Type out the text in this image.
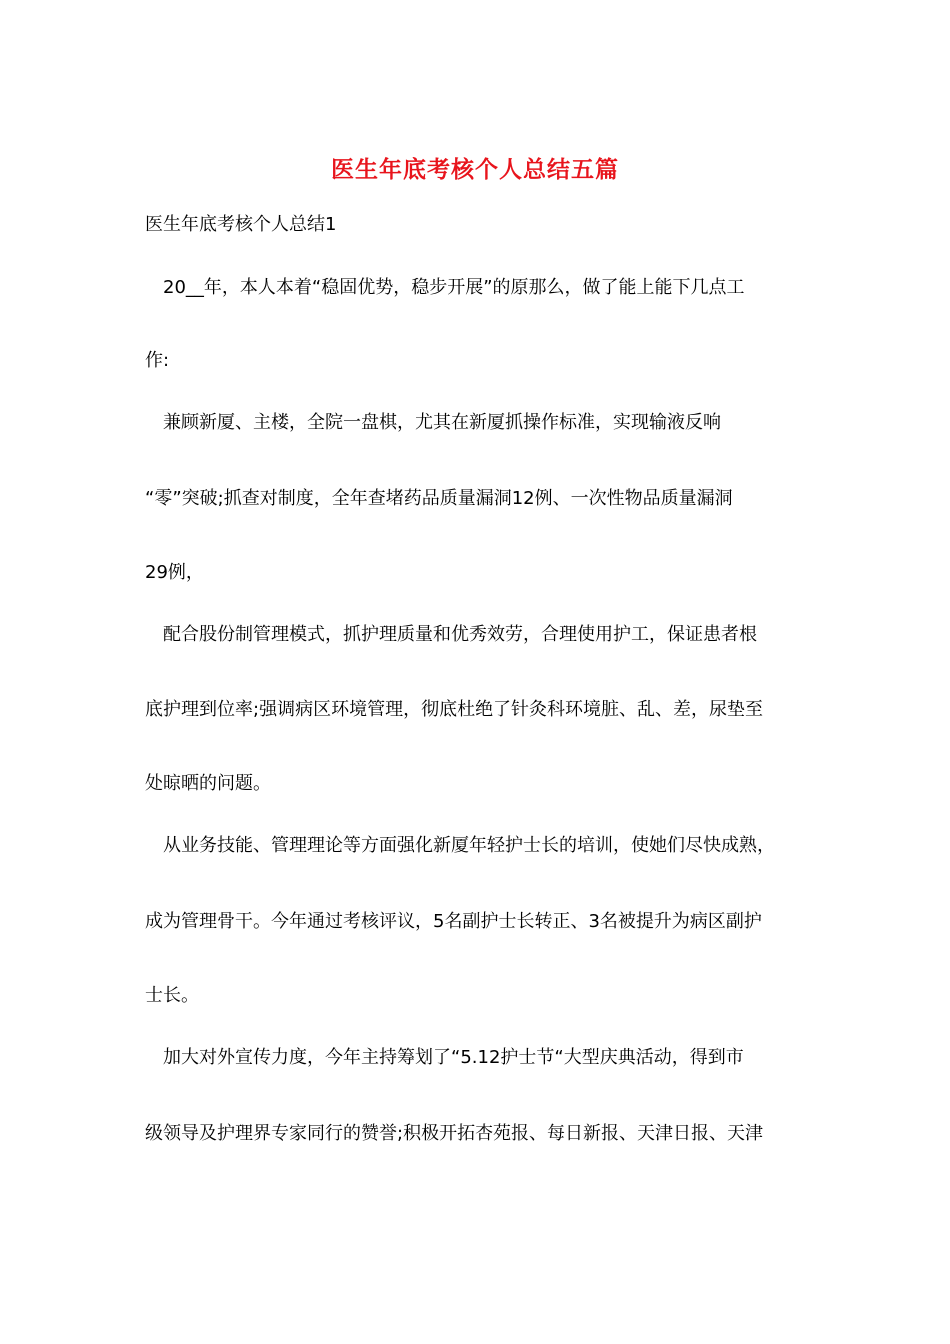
医生年底考核个人总结五篇
医生年底考核个人总结1
20__年，本人本着“稳固优势，稳步开展”的原那么，做了能上能下几点工
作:
兼顾新厦、主楼，全院一盘棋，尤其在新厦抓操作标准，实现输液反响
“零”突破;抓查对制度，全年查堵药品质量漏洞12例、一次性物品质量漏洞
29例，
配合股份制管理模式，抓护理质量和优秀效劳，合理使用护工，保证患者根
底护理到位率;强调病区环境管理，彻底杜绝了针灸科环境脏、乱、差，尿垫至
处晾晒的问题。
从业务技能、管理理论等方面强化新厦年轻护士长的培训，使她们尽快成熟，
成为管理骨干。今年通过考核评议，5名副护士长转正、3名被提升为病区副护
士长。
加大对外宣传力度，今年主持筹划了“5.12护士节“大型庆典活动，得到市
级领导及护理界专家同行的赞誉;积极开拓杏苑报、每日新报、天津日报、天津
